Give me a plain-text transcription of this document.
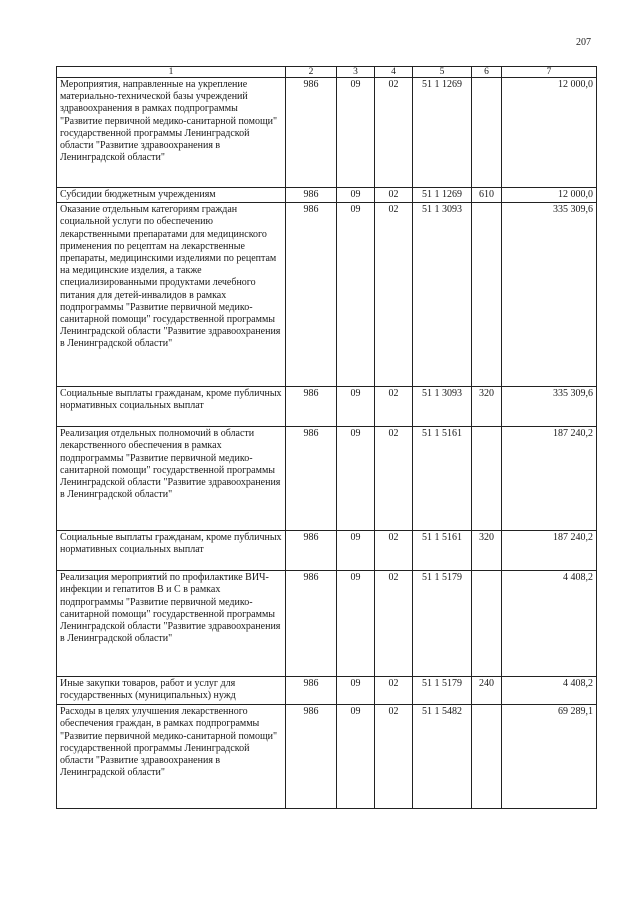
207
1	2	3	4	5	6	7
Мероприятия, направленные на укрепление материально-технической базы учреждений здравоохранения в рамках подпрограммы "Развитие первичной медико-санитарной помощи" государственной программы Ленинградской области "Развитие здравоохранения в Ленинградской области"	986	09	02	51 1 1269		12 000,0
Субсидии бюджетным учреждениям	986	09	02	51 1 1269	610	12 000,0
Оказание отдельным категориям граждан социальной услуги по обеспечению лекарственными препаратами для медицинского применения по рецептам на лекарственные препараты, медицинскими изделиями по рецептам на медицинские изделия, а также специализированными продуктами лечебного питания для детей-инвалидов в рамках подпрограммы "Развитие первичной медико-санитарной помощи" государственной программы Ленинградской области "Развитие здравоохранения в Ленинградской области"	986	09	02	51 1 3093		335 309,6
Социальные выплаты гражданам, кроме публичных нормативных социальных выплат	986	09	02	51 1 3093	320	335 309,6
Реализация отдельных полномочий в области лекарственного обеспечения в рамках подпрограммы "Развитие первичной медико-санитарной помощи" государственной программы Ленинградской области "Развитие здравоохранения в Ленинградской области"	986	09	02	51 1 5161		187 240,2
Социальные выплаты гражданам, кроме публичных нормативных социальных выплат	986	09	02	51 1 5161	320	187 240,2
Реализация мероприятий по профилактике ВИЧ-инфекции и гепатитов В и С в рамках подпрограммы "Развитие первичной медико-санитарной помощи" государственной программы Ленинградской области "Развитие здравоохранения в Ленинградской области"	986	09	02	51 1 5179		4 408,2
Иные закупки товаров, работ и услуг для государственных (муниципальных) нужд	986	09	02	51 1 5179	240	4 408,2
Расходы в целях улучшения лекарственного обеспечения граждан, в рамках подпрограммы "Развитие первичной медико-санитарной помощи" государственной программы Ленинградской области "Развитие здравоохранения в Ленинградской области"	986	09	02	51 1 5482		69 289,1
